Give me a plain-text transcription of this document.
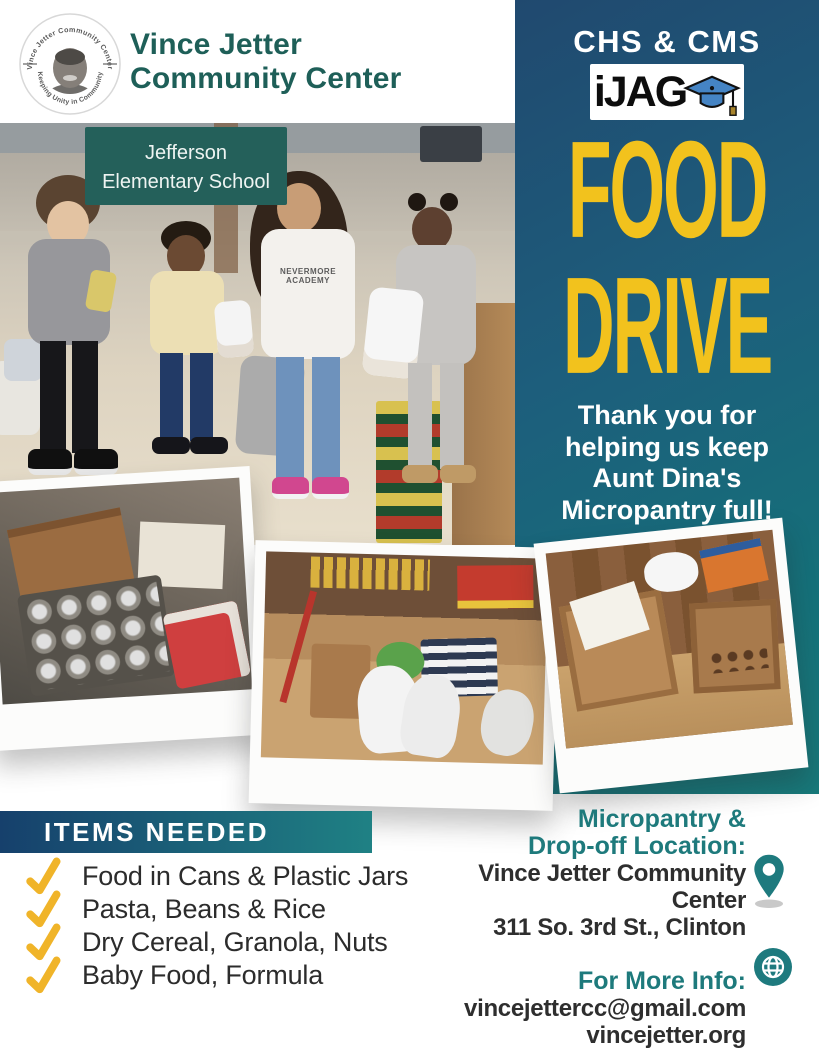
Vince Jetter Community Center
Keeping Unity in Community
Vince Jetter
Community Center
NEVERMORE
ACADEMY
Jefferson
Elementary School
CHS & CMS
iJAG
FOOD
DRIVE
Thank you for
helping us keep
Aunt Dina's
Micropantry full!
ITEMS NEEDED
Food in Cans & Plastic Jars
Pasta, Beans & Rice
Dry Cereal, Granola, Nuts
Baby Food, Formula
Micropantry &
Drop-off Location:
Vince Jetter Community Center
311 So. 3rd St., Clinton
For More Info:
vincejettercc@gmail.com
vincejetter.org
